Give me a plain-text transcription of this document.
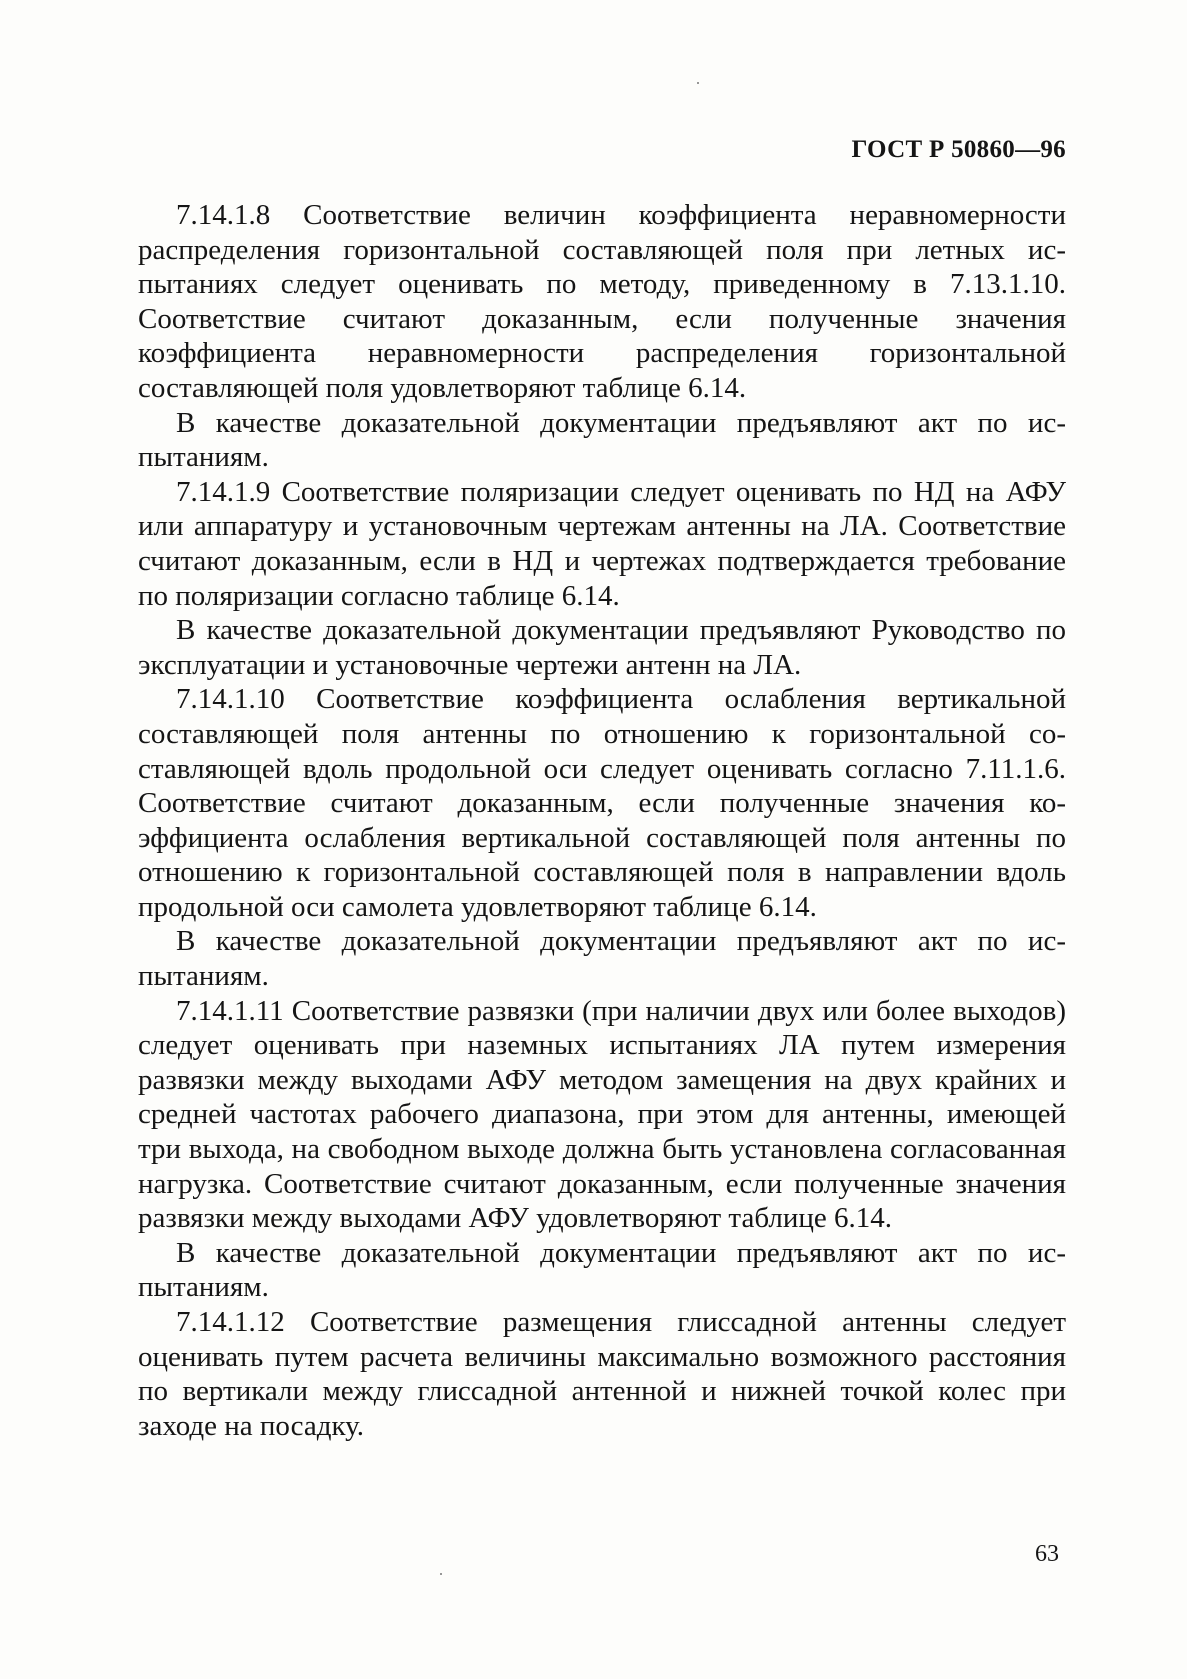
ГОСТ Р 50860—96

7.14.1.8 Соответствие величин коэффициента неравномерности распределения горизонтальной составляющей поля при летных испытаниях следует оценивать по методу, приведенному в 7.13.1.10. Соответствие считают доказанным, если полученные значения коэффициента неравномерности распределения горизонтальной составляющей поля удовлетворяют таблице 6.14.

В качестве доказательной документации предъявляют акт по испытаниям.

7.14.1.9 Соответствие поляризации следует оценивать по НД на АФУ или аппаратуру и установочным чертежам антенны на ЛА. Соответствие считают доказанным, если в НД и чертежах подтверждается требование по поляризации согласно таблице 6.14.

В качестве доказательной документации предъявляют Руководство по эксплуатации и установочные чертежи антенн на ЛА.

7.14.1.10 Соответствие коэффициента ослабления вертикальной составляющей поля антенны по отношению к горизонтальной составляющей вдоль продольной оси следует оценивать согласно 7.11.1.6. Соответствие считают доказанным, если полученные значения коэффициента ослабления вертикальной составляющей поля антенны по отношению к горизонтальной составляющей поля в направлении вдоль продольной оси самолета удовлетворяют таблице 6.14.

В качестве доказательной документации предъявляют акт по испытаниям.

7.14.1.11 Соответствие развязки (при наличии двух или более выходов) следует оценивать при наземных испытаниях ЛА путем измерения развязки между выходами АФУ методом замещения на двух крайних и средней частотах рабочего диапазона, при этом для антенны, имеющей три выхода, на свободном выходе должна быть установлена согласованная нагрузка. Соответствие считают доказанным, если полученные значения развязки между выходами АФУ удовлетворяют таблице 6.14.

В качестве доказательной документации предъявляют акт по испытаниям.

7.14.1.12 Соответствие размещения глиссадной антенны следует оценивать путем расчета величины максимально возможного расстояния по вертикали между глиссадной антенной и нижней точкой колес при заходе на посадку.

63
